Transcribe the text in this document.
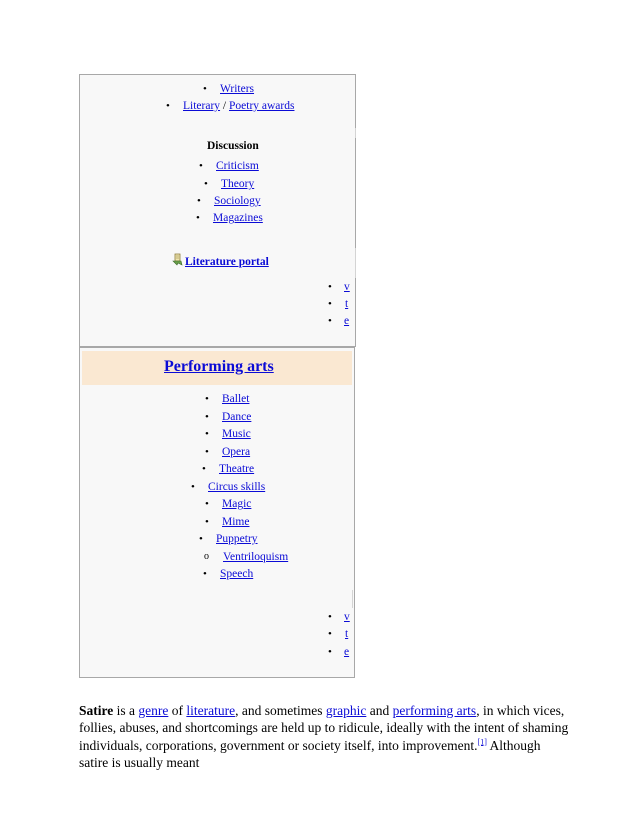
• Writers
• Literary / Poetry awards
Discussion
• Criticism
• Theory
• Sociology
• Magazines
Literature portal
• v
• t
• e
Performing arts
• Ballet
• Dance
• Music
• Opera
• Theatre
• Circus skills
• Magic
• Mime
• Puppetry
o Ventriloquism
• Speech
• v
• t
• e

Satire is a genre of literature, and sometimes graphic and performing arts, in which vices, follies, abuses, and shortcomings are held up to ridicule, ideally with the intent of shaming individuals, corporations, government or society itself, into improvement.[1] Although satire is usually meant
